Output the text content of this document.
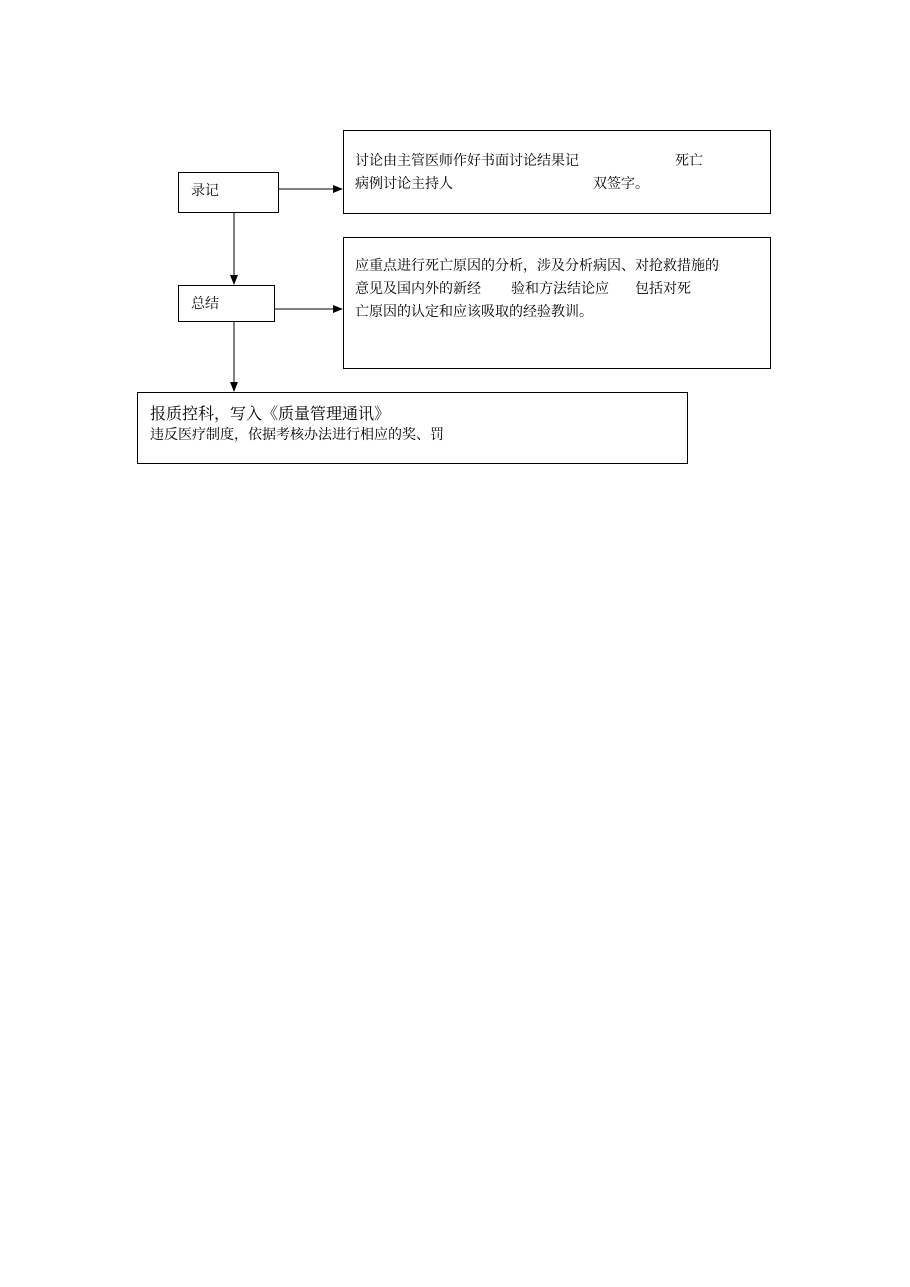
录记
总结
讨论由主管医师作好书面讨论结果记	死亡
病例讨论主持人	双签字。
应重点进行死亡原因的分析，涉及分析病因、对抢救措施的
意见及国内外的新经 验和方法结论应 包括对死
亡原因的认定和应该吸取的经验教训。
报质控科，写入《质量管理通讯》
违反医疗制度，依据考核办法进行相应的奖、罚
